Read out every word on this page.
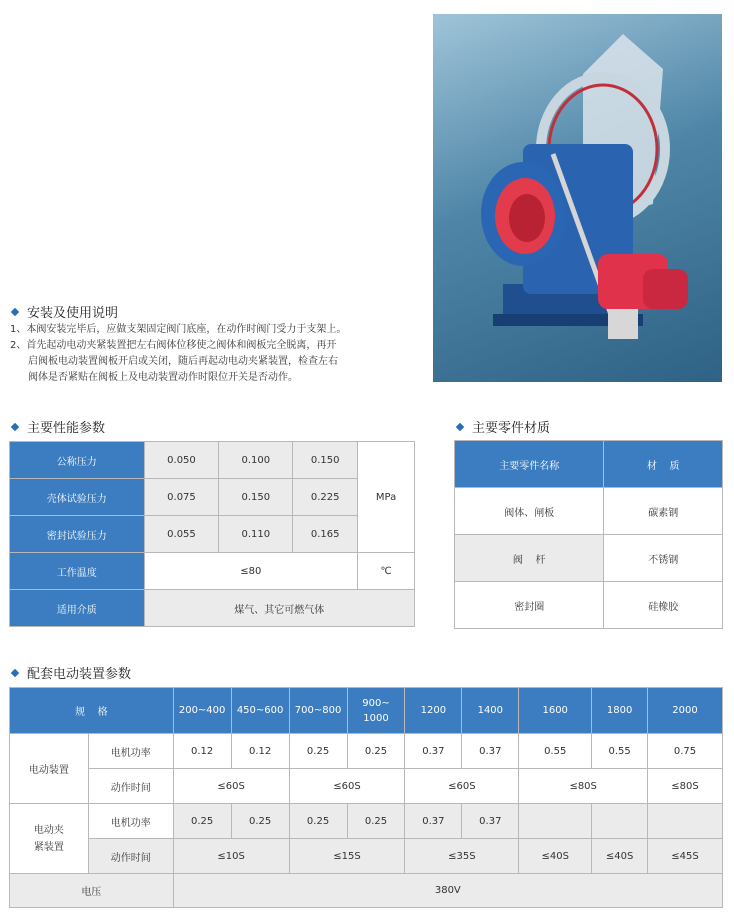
安装及使用说明
1、本阀安装完毕后，应做支架固定阀门底座，在动作时阀门受力于支架上。
2、首先起动电动夹紧装置把左右阀体位移使之阀体和阀板完全脱离，再开
启阀板电动装置阀板开启或关闭，随后再起动电动夹紧装置，检查左右
阀体是否紧贴在阀板上及电动装置动作时限位开关是否动作。
主要性能参数
公称压力	0.050	0.100	0.150	MPa
壳体试验压力	0.075	0.150	0.225	
密封试验压力	0.055	0.110	0.165	
工作温度	≤80			℃
适用介质	煤气、其它可燃气体			
主要零件材质
主要零件名称	材    质
阀体、闸板	碳素钢
阀    杆	不锈钢
密封圈	硅橡胶
配套电动装置参数
规    格		200~400	450~600	700~800	900~
1000	1200	1400	1600	1800	2000
电动装置	电机功率	0.12	0.12	0.25	0.25	0.37	0.37	0.55	0.55	0.75
	动作时间	≤60S		≤60S		≤60S		≤80S		≤80S
电动夹
紧装置	电机功率	0.25	0.25	0.25	0.25	0.37	0.37			
	动作时间	≤10S		≤15S		≤35S		≤40S	≤40S	≤45S
电压		380V								
